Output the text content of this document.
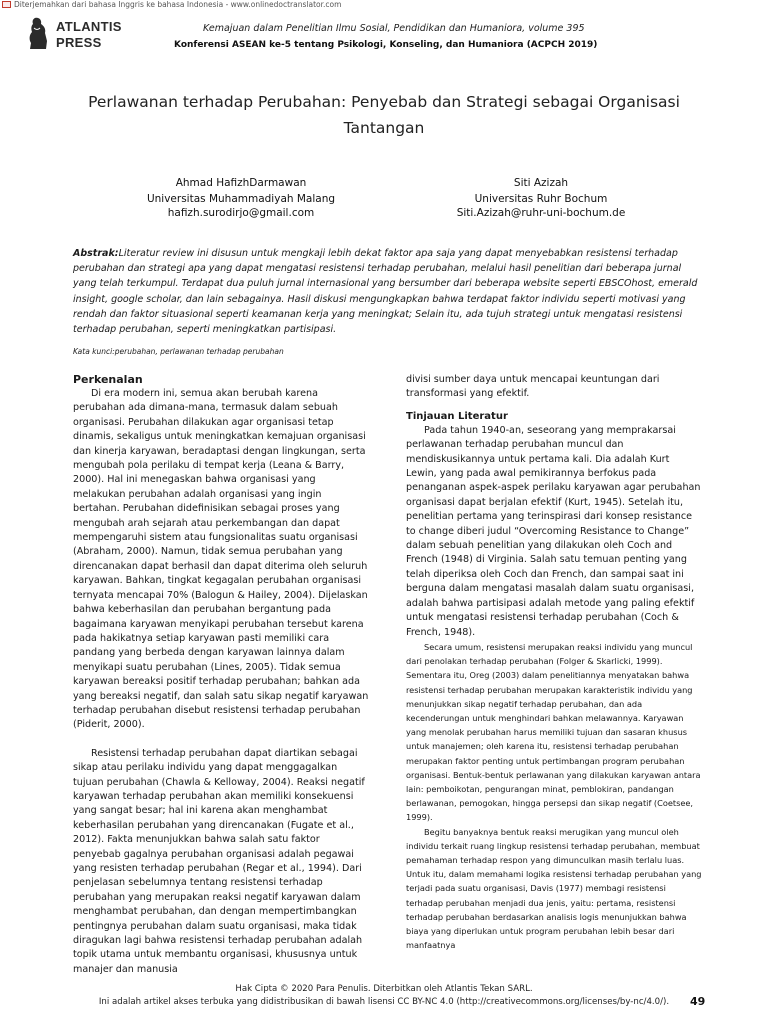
Diterjemahkan dari bahasa Inggris ke bahasa Indonesia - www.onlinedoctranslator.com
ATLANTIS
PRESS
Kemajuan dalam Penelitian Ilmu Sosial, Pendidikan dan Humaniora, volume 395
Konferensi ASEAN ke-5 tentang Psikologi, Konseling, dan Humaniora (ACPCH 2019)
Perlawanan terhadap Perubahan: Penyebab dan Strategi sebagai Organisasi
Tantangan
Ahmad HafizhDarmawan
Universitas Muhammadiyah Malang
hafizh.surodirjo@gmail.com
Siti Azizah
Universitas Ruhr Bochum
Siti.Azizah@ruhr-uni-bochum.de
Abstrak:Literatur review ini disusun untuk mengkaji lebih dekat faktor apa saja yang dapat menyebabkan resistensi terhadap perubahan dan strategi apa yang dapat mengatasi resistensi terhadap perubahan, melalui hasil penelitian dari beberapa jurnal yang telah terkumpul. Terdapat dua puluh jurnal internasional yang bersumber dari beberapa website seperti EBSCOhost, emerald insight, google scholar, dan lain sebagainya. Hasil diskusi mengungkapkan bahwa terdapat faktor individu seperti motivasi yang rendah dan faktor situasional seperti keamanan kerja yang meningkat; Selain itu, ada tujuh strategi untuk mengatasi resistensi terhadap perubahan, seperti meningkatkan partisipasi.
Kata kunci:perubahan, perlawanan terhadap perubahan
Perkenalan

Di era modern ini, semua akan berubah karena perubahan ada dimana-mana, termasuk dalam sebuah organisasi. Perubahan dilakukan agar organisasi tetap dinamis, sekaligus untuk meningkatkan kemajuan organisasi dan kinerja karyawan, beradaptasi dengan lingkungan, serta mengubah pola perilaku di tempat kerja (Leana & Barry, 2000). Hal ini menegaskan bahwa organisasi yang melakukan perubahan adalah organisasi yang ingin bertahan. Perubahan didefinisikan sebagai proses yang mengubah arah sejarah atau perkembangan dan dapat mempengaruhi sistem atau fungsionalitas suatu organisasi (Abraham, 2000). Namun, tidak semua perubahan yang direncanakan dapat berhasil dan dapat diterima oleh seluruh karyawan. Bahkan, tingkat kegagalan perubahan organisasi ternyata mencapai 70% (Balogun & Hailey, 2004). Dijelaskan bahwa keberhasilan dan perubahan bergantung pada bagaimana karyawan menyikapi perubahan tersebut karena pada hakikatnya setiap karyawan pasti memiliki cara pandang yang berbeda dengan karyawan lainnya dalam menyikapi suatu perubahan (Lines, 2005). Tidak semua karyawan bereaksi positif terhadap perubahan; bahkan ada yang bereaksi negatif, dan salah satu sikap negatif karyawan terhadap perubahan disebut resistensi terhadap perubahan (Piderit, 2000).

Resistensi terhadap perubahan dapat diartikan sebagai sikap atau perilaku individu yang dapat menggagalkan tujuan perubahan (Chawla & Kelloway, 2004). Reaksi negatif karyawan terhadap perubahan akan memiliki konsekuensi yang sangat besar; hal ini karena akan menghambat keberhasilan perubahan yang direncanakan (Fugate et al., 2012). Fakta menunjukkan bahwa salah satu faktor penyebab gagalnya perubahan organisasi adalah pegawai yang resisten terhadap perubahan (Regar et al., 1994). Dari penjelasan sebelumnya tentang resistensi terhadap perubahan yang merupakan reaksi negatif karyawan dalam menghambat perubahan, dan dengan mempertimbangkan pentingnya perubahan dalam suatu organisasi, maka tidak diragukan lagi bahwa resistensi terhadap perubahan adalah topik utama untuk membantu organisasi, khususnya untuk manajer dan manusia

divisi sumber daya untuk mencapai keuntungan dari transformasi yang efektif.

Tinjauan Literatur

Pada tahun 1940-an, seseorang yang memprakarsai perlawanan terhadap perubahan muncul dan mendiskusikannya untuk pertama kali. Dia adalah Kurt Lewin, yang pada awal pemikirannya berfokus pada penanganan aspek-aspek perilaku karyawan agar perubahan organisasi dapat berjalan efektif (Kurt, 1945). Setelah itu, penelitian pertama yang terinspirasi dari konsep resistance to change diberi judul “Overcoming Resistance to Change” dalam sebuah penelitian yang dilakukan oleh Coch and French (1948) di Virginia. Salah satu temuan penting yang telah diperiksa oleh Coch dan French, dan sampai saat ini berguna dalam mengatasi masalah dalam suatu organisasi, adalah bahwa partisipasi adalah metode yang paling efektif untuk mengatasi resistensi terhadap perubahan (Coch & French, 1948).

Secara umum, resistensi merupakan reaksi individu yang muncul dari penolakan terhadap perubahan (Folger & Skarlicki, 1999). Sementara itu, Oreg (2003) dalam penelitiannya menyatakan bahwa resistensi terhadap perubahan merupakan karakteristik individu yang menunjukkan sikap negatif terhadap perubahan, dan ada kecenderungan untuk menghindari bahkan melawannya. Karyawan yang menolak perubahan harus memiliki tujuan dan sasaran khusus untuk manajemen; oleh karena itu, resistensi terhadap perubahan merupakan faktor penting untuk pertimbangan program perubahan organisasi. Bentuk-bentuk perlawanan yang dilakukan karyawan antara lain: pemboikotan, pengurangan minat, pemblokiran, pandangan berlawanan, pemogokan, hingga persepsi dan sikap negatif (Coetsee, 1999).

Begitu banyaknya bentuk reaksi merugikan yang muncul oleh individu terkait ruang lingkup resistensi terhadap perubahan, membuat pemahaman terhadap respon yang dimunculkan masih terlalu luas. Untuk itu, dalam memahami logika resistensi terhadap perubahan yang terjadi pada suatu organisasi, Davis (1977) membagi resistensi terhadap perubahan menjadi dua jenis, yaitu: pertama, resistensi terhadap perubahan berdasarkan analisis logis menunjukkan bahwa biaya yang diperlukan untuk program perubahan lebih besar dari manfaatnya

Hak Cipta © 2020 Para Penulis. Diterbitkan oleh Atlantis Tekan SARL.
Ini adalah artikel akses terbuka yang didistribusikan di bawah lisensi CC BY-NC 4.0 (http://creativecommons.org/licenses/by-nc/4.0/).	49
